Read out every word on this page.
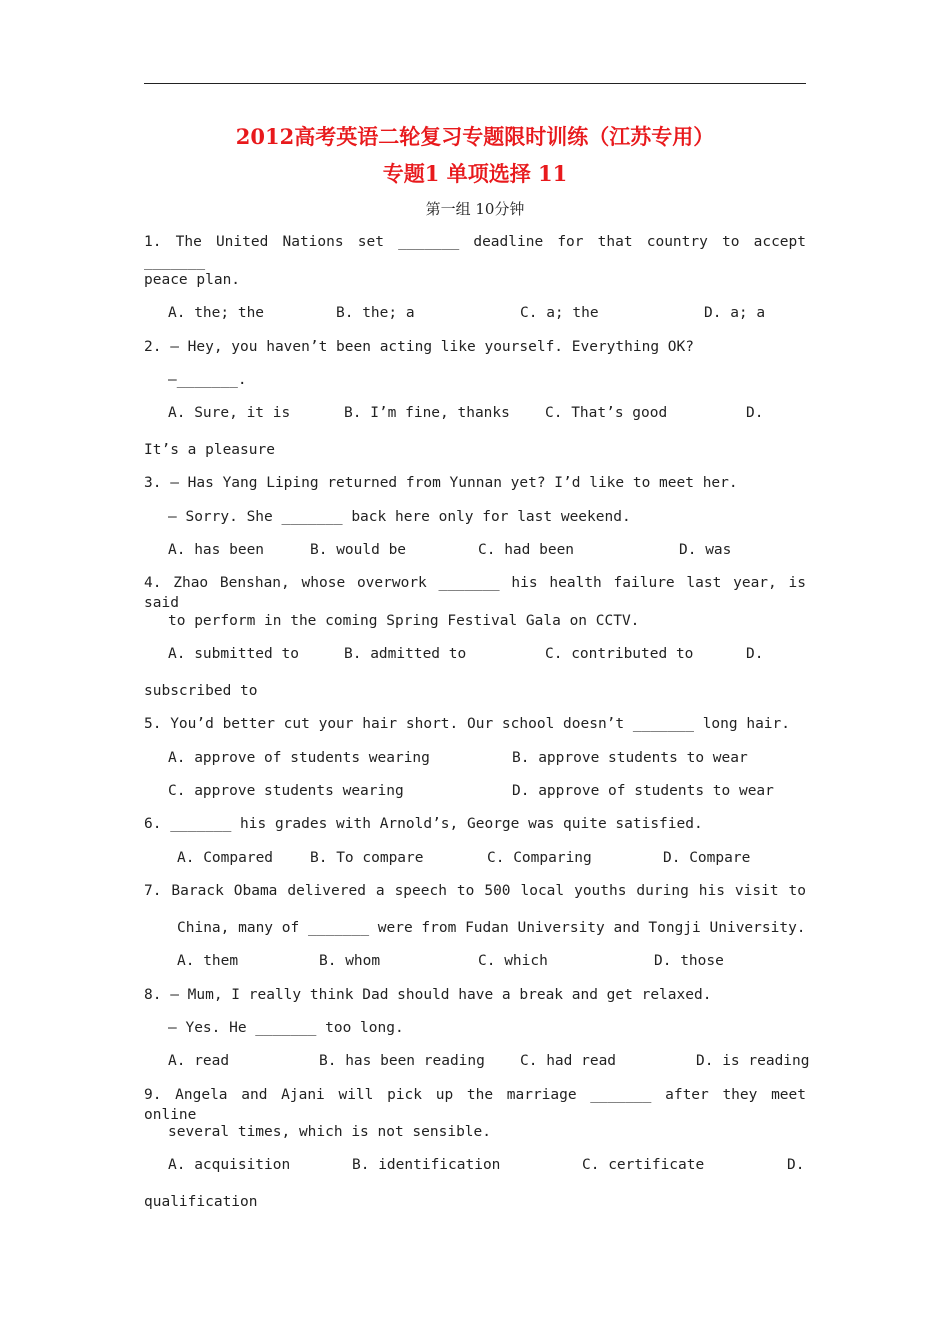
2012高考英语二轮复习专题限时训练（江苏专用）
专题1 单项选择 11
第一组 10分钟
1. The United Nations set _______ deadline for that country to accept _______
peace plan.
A. the; the	B. the; a	C. a; the	D. a; a
2. — Hey, you haven’t been acting like yourself. Everything OK?
—_______.
A. Sure, it is	B. I’m fine, thanks C. That’s good	D.
It’s a pleasure
3. — Has Yang Liping returned from Yunnan yet? I’d like to meet her.
— Sorry. She _______ back here only for last weekend.
A. has been	B. would be	C. had been	D. was
4. Zhao Benshan, whose overwork _______ his health failure last year, is said
to perform in the coming Spring Festival Gala on CCTV.
A. submitted to	B. admitted to	C. contributed to	D.
subscribed to
5. You’d better cut your hair short. Our school doesn’t _______ long hair.
A. approve of students wearing	B. approve students to wear
C. approve students wearing	D. approve of students to wear
6. _______ his grades with Arnold’s, George was quite satisfied.
A. Compared	B. To compare	C. Comparing	D. Compare
7. Barack Obama delivered a speech to 500 local youths during his visit to
China, many of _______ were from Fudan University and Tongji University.
A. them	B. whom	C. which	D. those
8. — Mum, I really think Dad should have a break and get relaxed.
— Yes. He _______ too long.
A. read	B. has been reading C. had read	D. is reading
9. Angela and Ajani will pick up the marriage _______ after they meet online
several times, which is not sensible.
A. acquisition	B. identification	C. certificate	D.
qualification
